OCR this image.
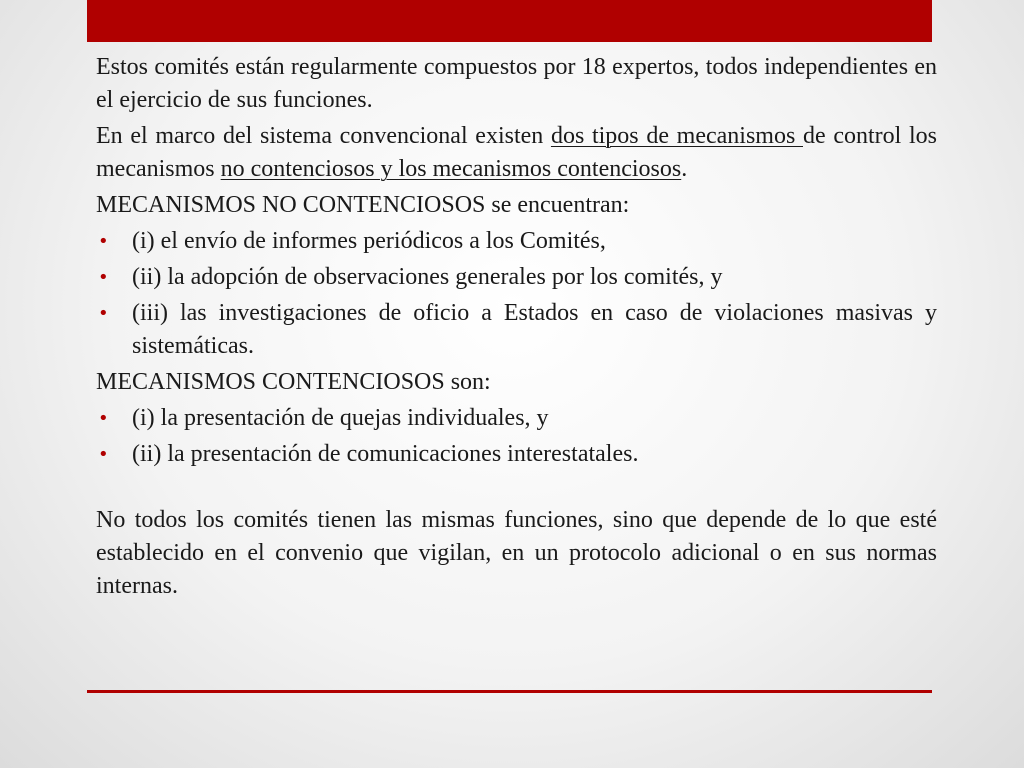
Estos comités están regularmente compuestos por 18 expertos, todos independientes en el ejercicio de sus funciones.

En el marco del sistema convencional existen dos tipos de mecanismos de control los mecanismos no contenciosos y los mecanismos contenciosos.

MECANISMOS NO CONTENCIOSOS se encuentran:

• (i) el envío de informes periódicos a los Comités,
• (ii) la adopción de observaciones generales por los comités, y
• (iii) las investigaciones de oficio a Estados en caso de violaciones masivas y sistemáticas.

MECANISMOS CONTENCIOSOS son:

• (i) la presentación de quejas individuales, y
• (ii) la presentación de comunicaciones interestatales.

No todos los comités tienen las mismas funciones, sino que depende de lo que esté establecido en el convenio que vigilan, en un protocolo adicional o en sus normas internas.
